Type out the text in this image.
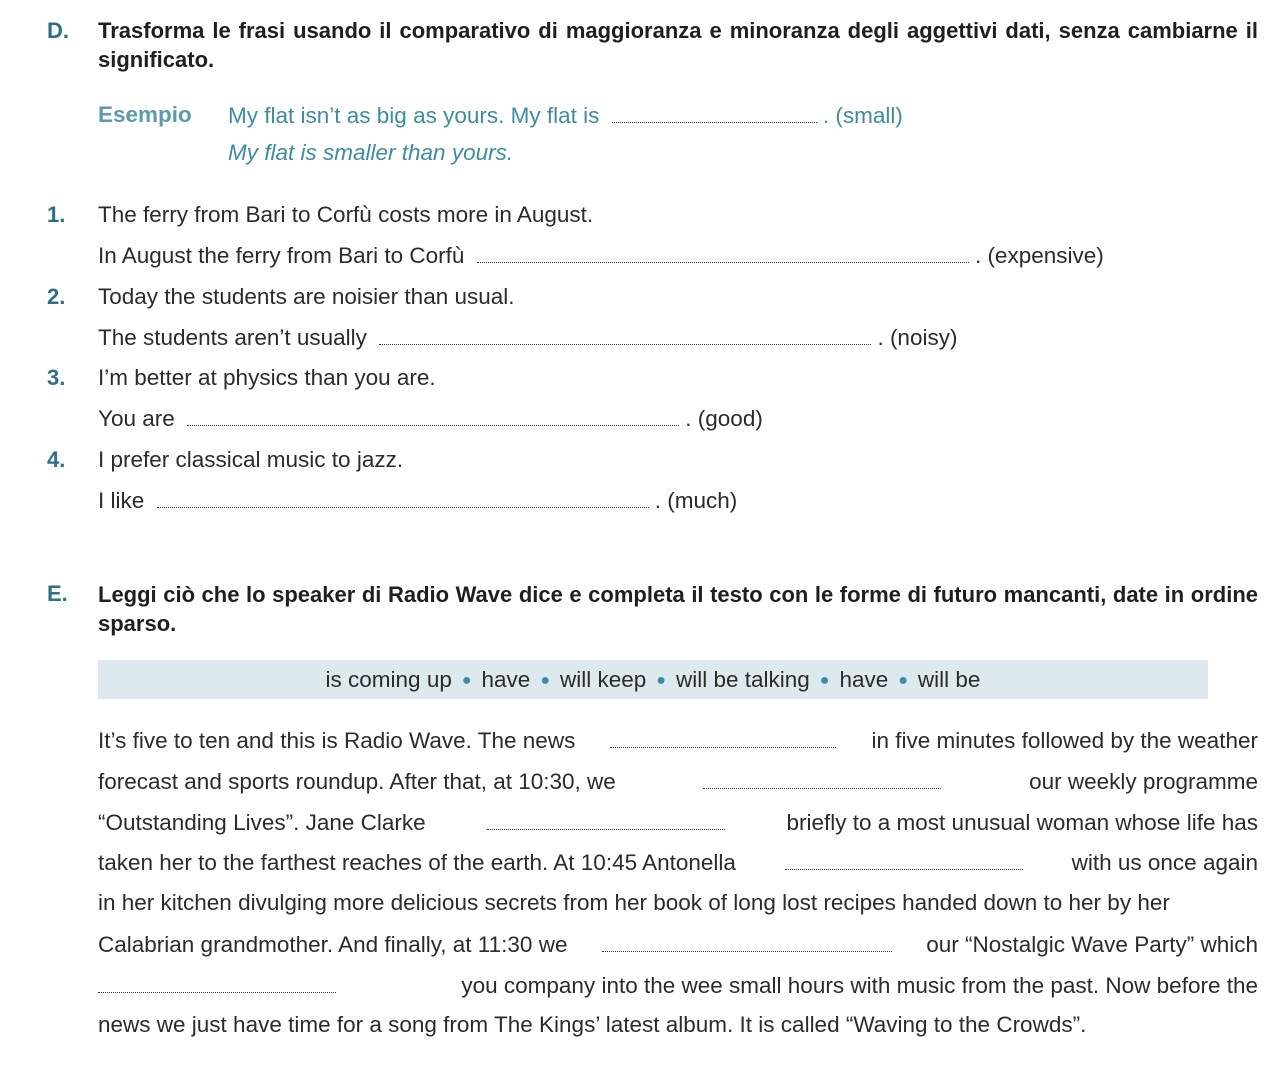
D. Trasforma le frasi usando il comparativo di maggioranza e minoranza degli aggettivi dati, senza cambiarne il significato.
Esempio My flat isn’t as big as yours. My flat is	. (small)
My flat is smaller than yours.
1. The ferry from Bari to Corfù costs more in August.
In August the ferry from Bari to Corfù	. (expensive)
2. Today the students are noisier than usual.
The students aren’t usually	. (noisy)
3. I’m better at physics than you are.
You are	. (good)
4. I prefer classical music to jazz.
I like	. (much)
E. Leggi ciò che lo speaker di Radio Wave dice e completa il testo con le forme di futuro mancanti, date in ordine sparso.
is coming up ● have ● will keep ● will be talking ● have ● will be
It’s five to ten and this is Radio Wave. The news	in five minutes followed by the weather
forecast and sports roundup. After that, at 10:30, we	our weekly programme
“Outstanding Lives”. Jane Clarke	briefly to a most unusual woman whose life has
taken her to the farthest reaches of the earth. At 10:45 Antonella	with us once again
in her kitchen divulging more delicious secrets from her book of long lost recipes handed down to her by her
Calabrian grandmother. And finally, at 11:30 we	our “Nostalgic Wave Party” which
you company into the wee small hours with music from the past. Now before the
news we just have time for a song from The Kings’ latest album. It is called “Waving to the Crowds”.
